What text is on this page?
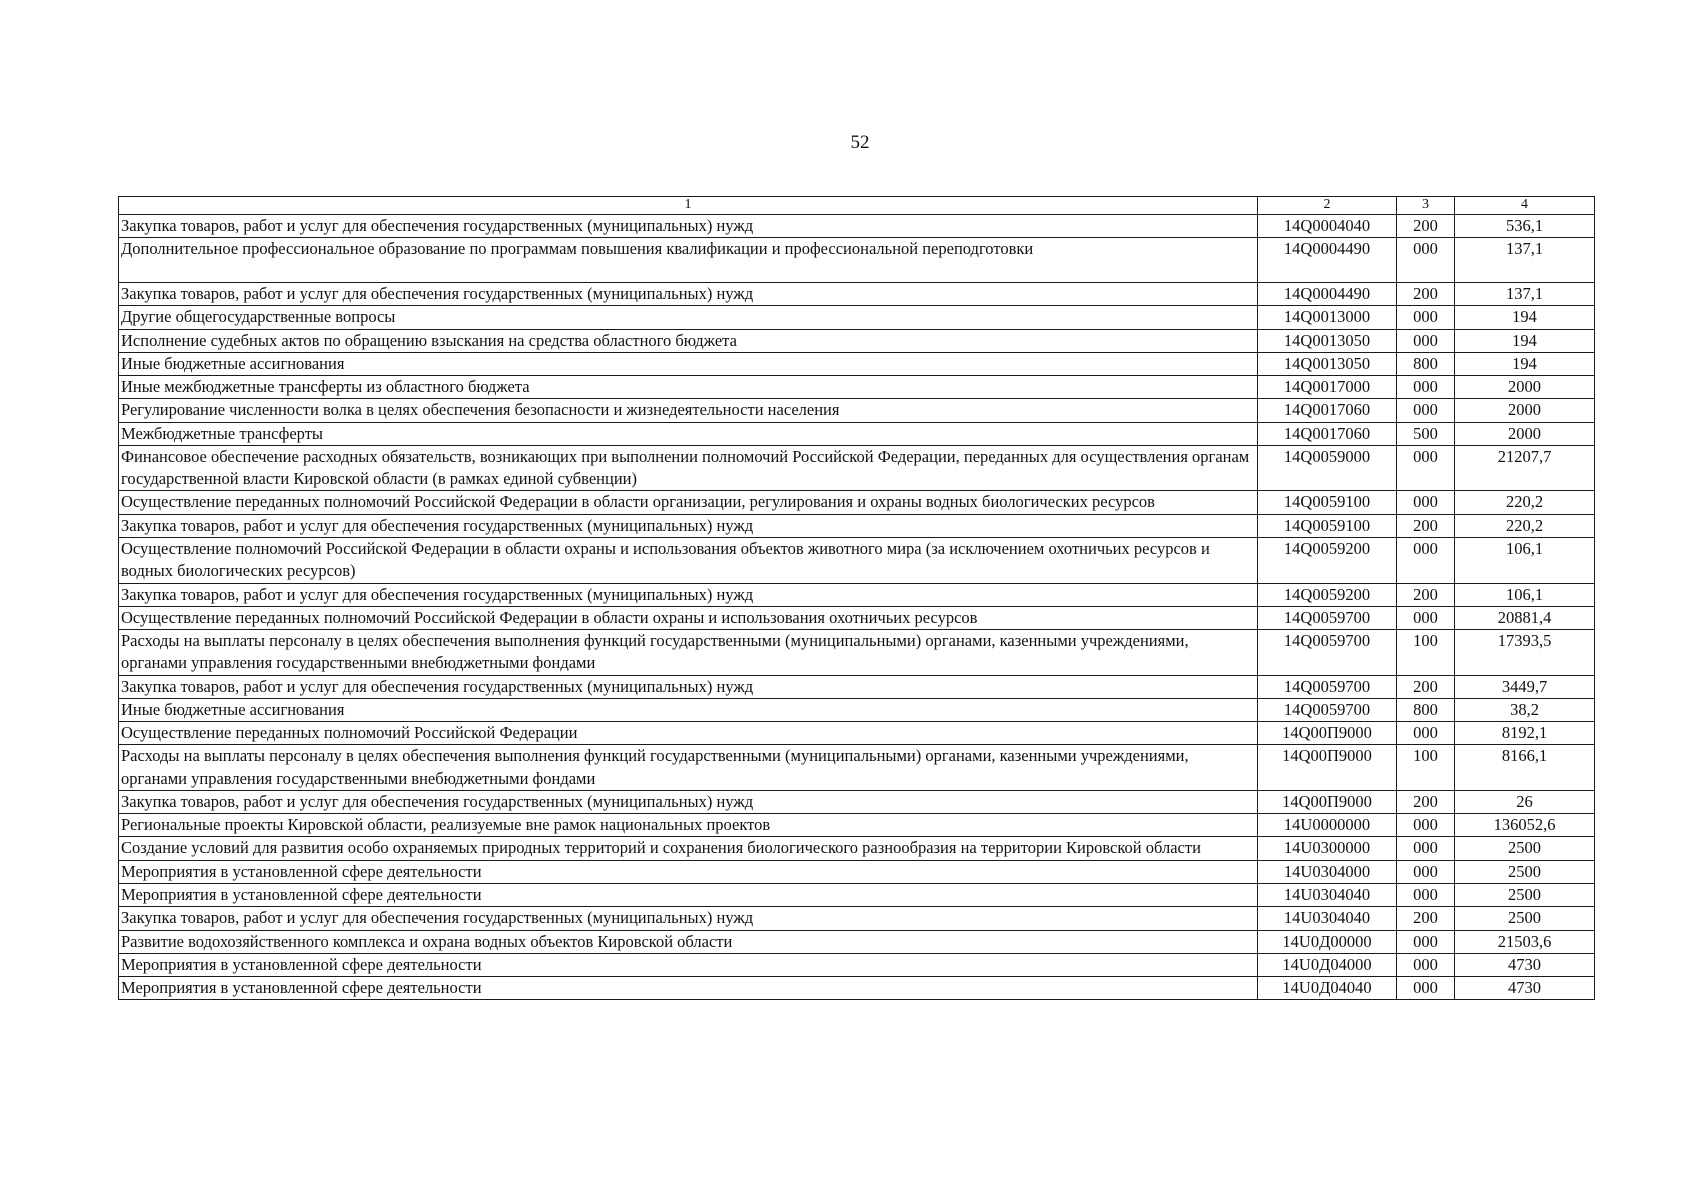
52
1	2	3	4
Закупка товаров, работ и услуг для обеспечения государственных (муниципальных) нужд	14Q0004040	200	536,1
Дополнительное профессиональное образование по программам повышения квалификации и профессиональной переподготовки	14Q0004490	000	137,1
Закупка товаров, работ и услуг для обеспечения государственных (муниципальных) нужд	14Q0004490	200	137,1
Другие общегосударственные вопросы	14Q0013000	000	194
Исполнение судебных актов по обращению взыскания на средства областного бюджета	14Q0013050	000	194
Иные бюджетные ассигнования	14Q0013050	800	194
Иные межбюджетные трансферты из областного бюджета	14Q0017000	000	2000
Регулирование численности волка в целях обеспечения безопасности и жизнедеятельности населения	14Q0017060	000	2000
Межбюджетные трансферты	14Q0017060	500	2000
Финансовое обеспечение расходных обязательств, возникающих при выполнении полномочий Российской Федерации, переданных для осуществления органам государственной власти Кировской области (в рамках единой субвенции)	14Q0059000	000	21207,7
Осуществление переданных полномочий Российской Федерации в области организации, регулирования и охраны водных биологических ресурсов	14Q0059100	000	220,2
Закупка товаров, работ и услуг для обеспечения государственных (муниципальных) нужд	14Q0059100	200	220,2
Осуществление полномочий Российской Федерации в области охраны и использования объектов животного мира (за исключением охотничьих ресурсов и водных биологических ресурсов)	14Q0059200	000	106,1
Закупка товаров, работ и услуг для обеспечения государственных (муниципальных) нужд	14Q0059200	200	106,1
Осуществление переданных полномочий Российской Федерации в области охраны и использования охотничьих ресурсов	14Q0059700	000	20881,4
Расходы на выплаты персоналу в целях обеспечения выполнения функций государственными (муниципальными) органами, казенными учреждениями, органами управления государственными внебюджетными фондами	14Q0059700	100	17393,5
Закупка товаров, работ и услуг для обеспечения государственных (муниципальных) нужд	14Q0059700	200	3449,7
Иные бюджетные ассигнования	14Q0059700	800	38,2
Осуществление переданных полномочий Российской Федерации	14Q00П9000	000	8192,1
Расходы на выплаты персоналу в целях обеспечения выполнения функций государственными (муниципальными) органами, казенными учреждениями, органами управления государственными внебюджетными фондами	14Q00П9000	100	8166,1
Закупка товаров, работ и услуг для обеспечения государственных (муниципальных) нужд	14Q00П9000	200	26
Региональные проекты Кировской области, реализуемые вне рамок национальных проектов	14U0000000	000	136052,6
Создание условий для развития особо охраняемых природных территорий и сохранения биологического разнообразия на территории Кировской области	14U0300000	000	2500
Мероприятия в установленной сфере деятельности	14U0304000	000	2500
Мероприятия в установленной сфере деятельности	14U0304040	000	2500
Закупка товаров, работ и услуг для обеспечения государственных (муниципальных) нужд	14U0304040	200	2500
Развитие водохозяйственного комплекса и охрана водных объектов Кировской области	14U0Д00000	000	21503,6
Мероприятия в установленной сфере деятельности	14U0Д04000	000	4730
Мероприятия в установленной сфере деятельности	14U0Д04040	000	4730
